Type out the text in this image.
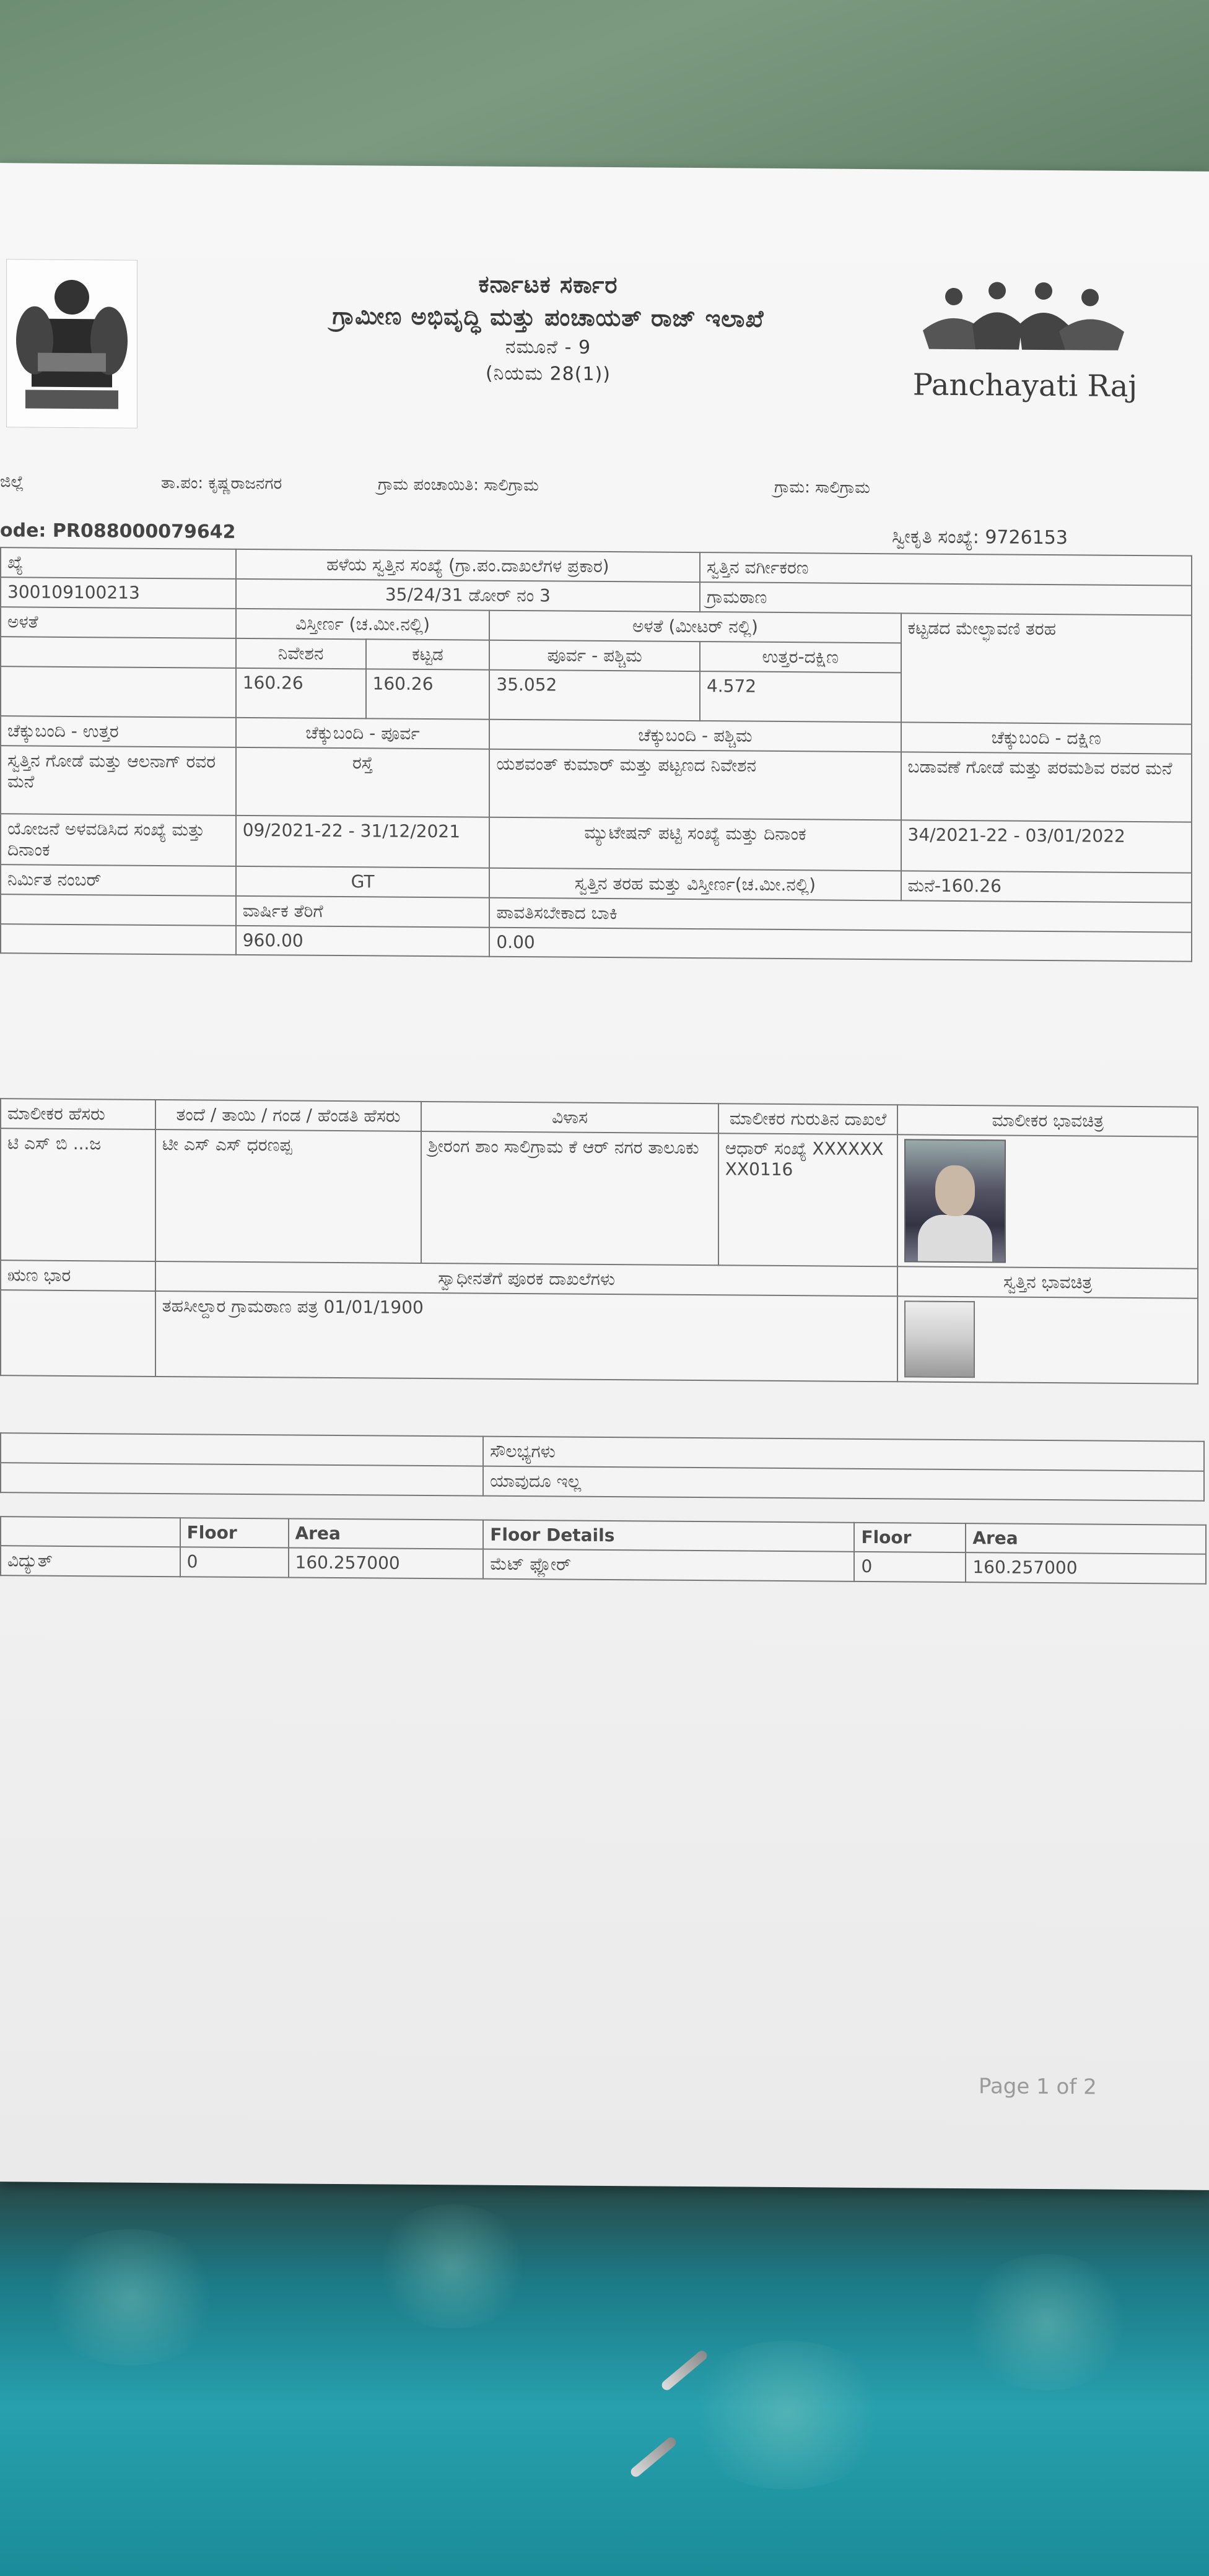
ಕರ್ನಾಟಕ ಸರ್ಕಾರ
ಗ್ರಾಮೀಣ ಅಭಿವೃದ್ಧಿ ಮತ್ತು ಪಂಚಾಯತ್ ರಾಜ್ ಇಲಾಖೆ
ನಮೂನೆ - 9
(ನಿಯಮ 28(1))	Panchayati Raj
ಜಿಲ್ಲೆ	ತಾ.ಪಂ: ಕೃಷ್ಣರಾಜನಗರ	ಗ್ರಾಮ ಪಂಚಾಯಿತಿ: ಸಾಲಿಗ್ರಾಮ	ಗ್ರಾಮ: ಸಾಲಿಗ್ರಾಮ
ode: PR088000079642	ಸ್ವೀಕೃತಿ ಸಂಖ್ಯೆ: 9726153
ಖ್ಯೆ	ಹಳೆಯ ಸ್ವತ್ತಿನ ಸಂಖ್ಯೆ (ಗ್ರಾ.ಪಂ.ದಾಖಲೆಗಳ ಪ್ರಕಾರ)			ಸ್ವತ್ತಿನ ವರ್ಗೀಕರಣ	
300109100213	35/24/31 ಡೋರ್ ನಂ 3			ಗ್ರಾಮಠಾಣ	
ಅಳತೆ	ವಿಸ್ತೀರ್ಣ (ಚ.ಮೀ.ನಲ್ಲಿ)		ಅಳತೆ (ಮೀಟರ್ ನಲ್ಲಿ)		ಕಟ್ಟಡದ ಮೇಲ್ಛಾವಣಿ ತರಹ
	ನಿವೇಶನ	ಕಟ್ಟಡ	ಪೂರ್ವ - ಪಶ್ಚಿಮ	ಉತ್ತರ-ದಕ್ಷಿಣ	
	160.26	160.26	35.052	4.572	
ಚೆಕ್ಕುಬಂದಿ - ಉತ್ತರ	ಚೆಕ್ಕುಬಂದಿ - ಪೂರ್ವ		ಚೆಕ್ಕುಬಂದಿ - ಪಶ್ಚಿಮ		ಚೆಕ್ಕುಬಂದಿ - ದಕ್ಷಿಣ
ಸ್ವತ್ತಿನ ಗೋಡೆ ಮತ್ತು ಆಲನಾಗ್ ರವರ ಮನೆ	ರಸ್ತೆ		ಯಶವಂತ್ ಕುಮಾರ್ ಮತ್ತು ಪಟ್ಟಣದ ನಿವೇಶನ		ಬಡಾವಣೆ ಗೋಡೆ ಮತ್ತು ಪರಮಶಿವ ರವರ ಮನೆ
ಯೋಜನೆ ಅಳವಡಿಸಿದ ಸಂಖ್ಯೆ ಮತ್ತು ದಿನಾಂಕ	09/2021-22 - 31/12/2021		ಮ್ಯುಟೇಷನ್ ಪಟ್ಟಿ ಸಂಖ್ಯೆ ಮತ್ತು ದಿನಾಂಕ		34/2021-22 - 03/01/2022
ನಿರ್ಮಿತ ನಂಬರ್	GT		ಸ್ವತ್ತಿನ ತರಹ ಮತ್ತು ವಿಸ್ತೀರ್ಣ(ಚ.ಮೀ.ನಲ್ಲಿ)		ಮನೆ-160.26
	ವಾರ್ಷಿಕ ತೆರಿಗೆ		ಪಾವತಿಸಬೇಕಾದ ಬಾಕಿ		
	960.00		0.00		
ಮಾಲೀಕರ ಹೆಸರು	ತಂದೆ / ತಾಯಿ / ಗಂಡ / ಹೆಂಡತಿ ಹೆಸರು	ವಿಳಾಸ	ಮಾಲೀಕರ ಗುರುತಿನ ದಾಖಲೆ	ಮಾಲೀಕರ ಭಾವಚಿತ್ರ
ಟಿ ಎಸ್ ಬಿ ...ಜ	ಟೀ ಎಸ್ ಎಸ್ ಧರಣಪ್ಪ	ಶ್ರೀರಂಗ ಶಾಂ ಸಾಲಿಗ್ರಾಮ ಕೆ ಆರ್ ನಗರ ತಾಲೂಕು	ಆಧಾರ್ ಸಂಖ್ಯೆ XXXXXXXX0116	

ಋಣ ಭಾರ	ಸ್ವಾಧೀನತೆಗೆ ಪೂರಕ ದಾಖಲೆಗಳು			ಸ್ವತ್ತಿನ ಭಾವಚಿತ್ರ
	ತಹಸೀಲ್ದಾರ ಗ್ರಾಮಠಾಣ ಪತ್ರ 01/01/1900			
	ಸೌಲಭ್ಯಗಳು
	ಯಾವುದೂ ಇಲ್ಲ
	Floor	Area	Floor Details	Floor	Area
ವಿದ್ಯುತ್	0	160.257000	ಮೆಟ್ ಫ್ಲೋರ್	0	160.257000
Page 1 of 2
